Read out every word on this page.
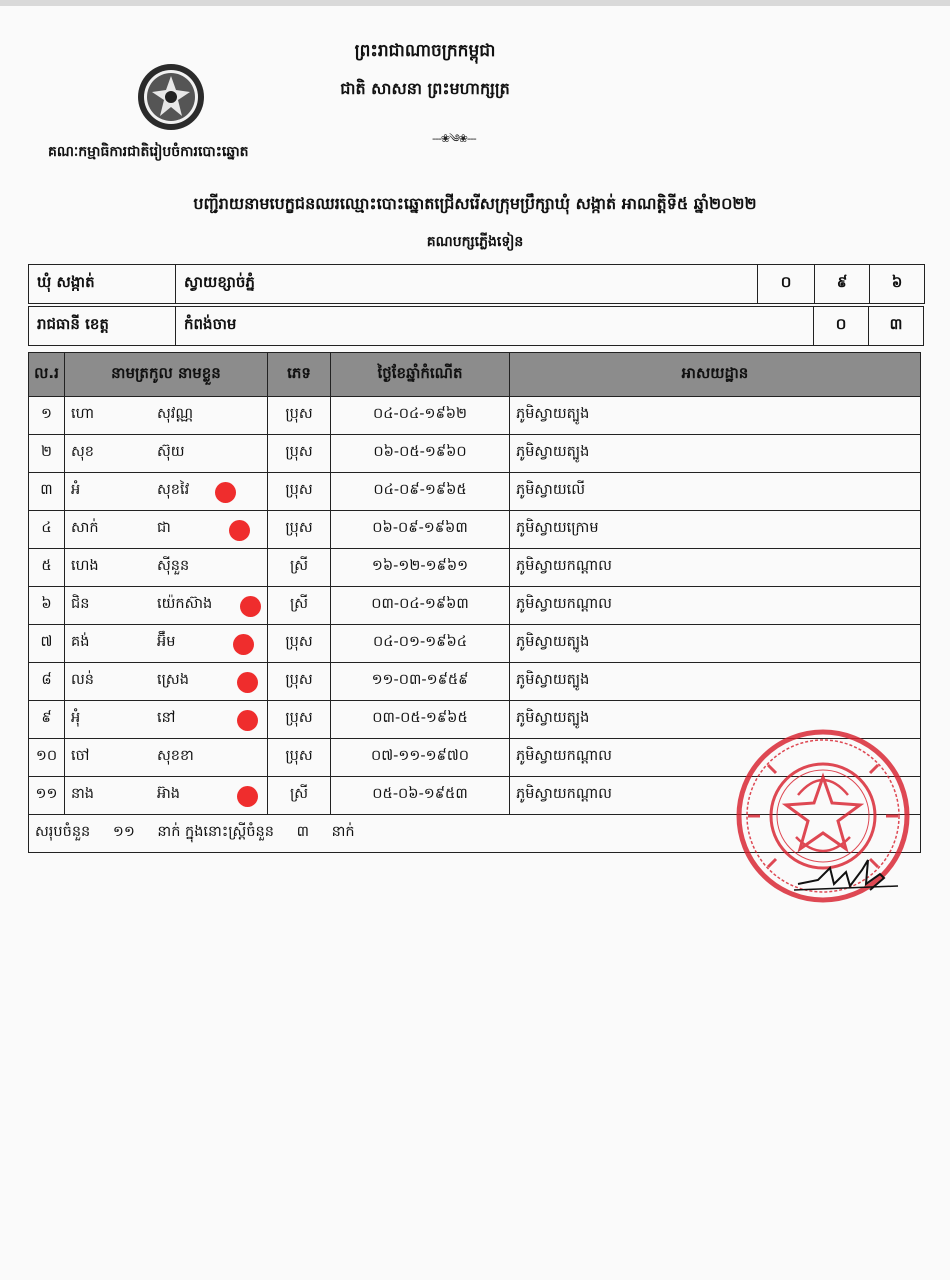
ព្រះរាជាណាចក្រកម្ពុជា
ជាតិ សាសនា ព្រះមហាក្សត្រ
---❀༄❀---
គណៈកម្មាធិការជាតិរៀបចំការបោះឆ្នោត
បញ្ជីរាយនាមបេក្ខជនឈរឈ្មោះបោះឆ្នោតជ្រើសរើសក្រុមប្រឹក្សាឃុំ សង្កាត់ អាណត្តិទី៥ ឆ្នាំ២០២២
គណបក្សភ្លើងទៀន
ឃុំ សង្កាត់	ស្វាយខ្សាច់ភ្នំ	០	៩	៦
រាជធានី ខេត្ត	កំពង់ចាម	០	៣
ល.រ	នាមត្រកូល នាមខ្លួន	ភេទ	ថ្ងៃខែឆ្នាំកំណើត	អាសយដ្ឋាន
១	ហោ សុវណ្ណ	ប្រុស	០៤-០៤-១៩៦២	ភូមិស្វាយត្បូង
២	សុខ ស៊ុយ	ប្រុស	០៦-០៥-១៩៦០	ភូមិស្វាយត្បូង
៣	អំ សុខវៃ	ប្រុស	០៤-០៩-១៩៦៥	ភូមិស្វាយលើ
៤	សាក់ ជា	ប្រុស	០៦-០៩-១៩៦៣	ភូមិស្វាយក្រោម
៥	ហេង ស៊ីនួន	ស្រី	១៦-១២-១៩៦១	ភូមិស្វាយកណ្តាល
៦	ជិន យ៉េកស៊ាង	ស្រី	០៣-០៤-១៩៦៣	ភូមិស្វាយកណ្តាល
៧	គង់ អ៊ឹម	ប្រុស	០៤-០១-១៩៦៤	ភូមិស្វាយត្បូង
៨	លន់ ស្រេង	ប្រុស	១១-០៣-១៩៥៩	ភូមិស្វាយត្បូង
៩	អុំ នៅ	ប្រុស	០៣-០៥-១៩៦៥	ភូមិស្វាយត្បូង
១០	ចៅ សុខខា	ប្រុស	០៧-១១-១៩៧០	ភូមិស្វាយកណ្តាល
១១	នាង អ៊ាង	ស្រី	០៥-០៦-១៩៥៣	ភូមិស្វាយកណ្តាល
សរុបចំនួន ១១ នាក់ ក្នុងនោះស្ត្រីចំនួន ៣ នាក់				
